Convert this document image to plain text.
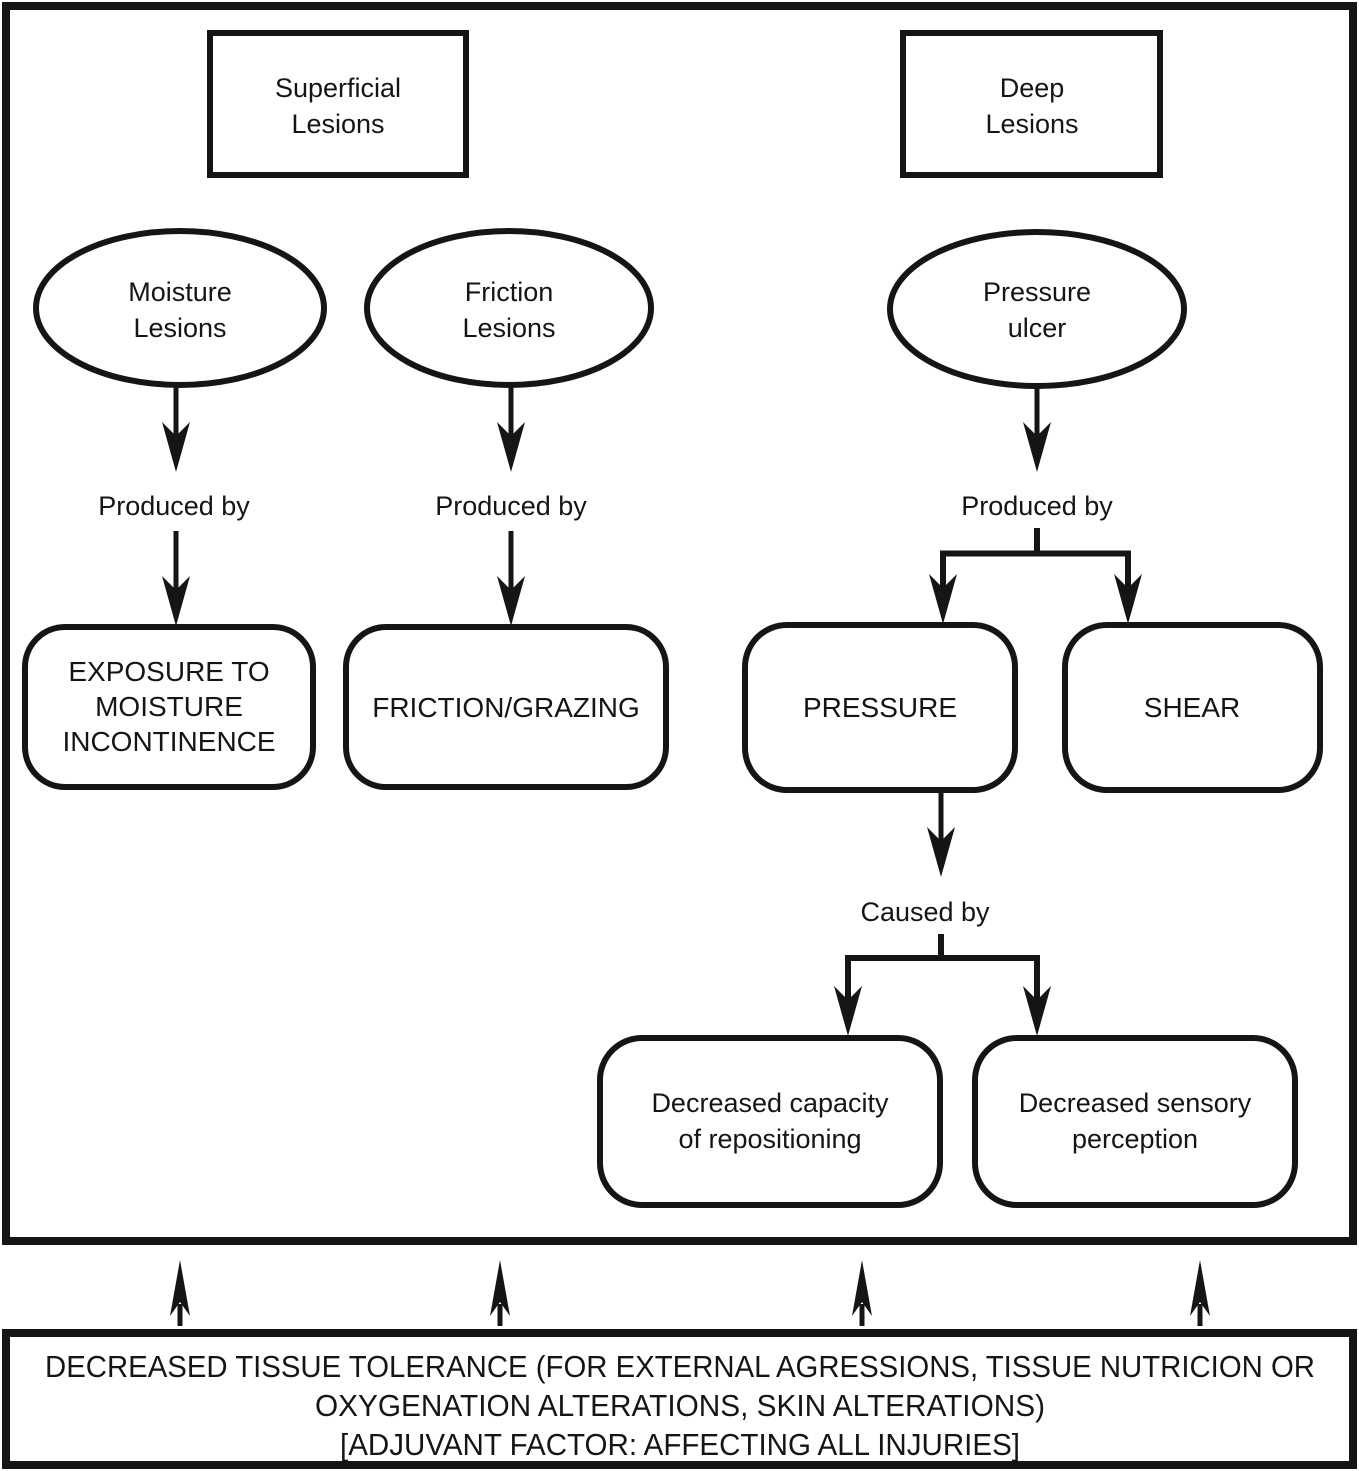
Superficial
Lesions
Deep
Lesions
Moisture
Lesions
Friction
Lesions
Pressure
ulcer
Produced by	Produced by	Produced by
EXPOSURE TO
MOISTURE
INCONTINENCE
FRICTION/GRAZING	PRESSURE	SHEAR
Caused by
Decreased capacity
of repositioning
Decreased sensory
perception
DECREASED TISSUE TOLERANCE (FOR EXTERNAL AGRESSIONS, TISSUE NUTRICION OR
OXYGENATION ALTERATIONS, SKIN ALTERATIONS)
[ADJUVANT FACTOR: AFFECTING ALL INJURIES]
